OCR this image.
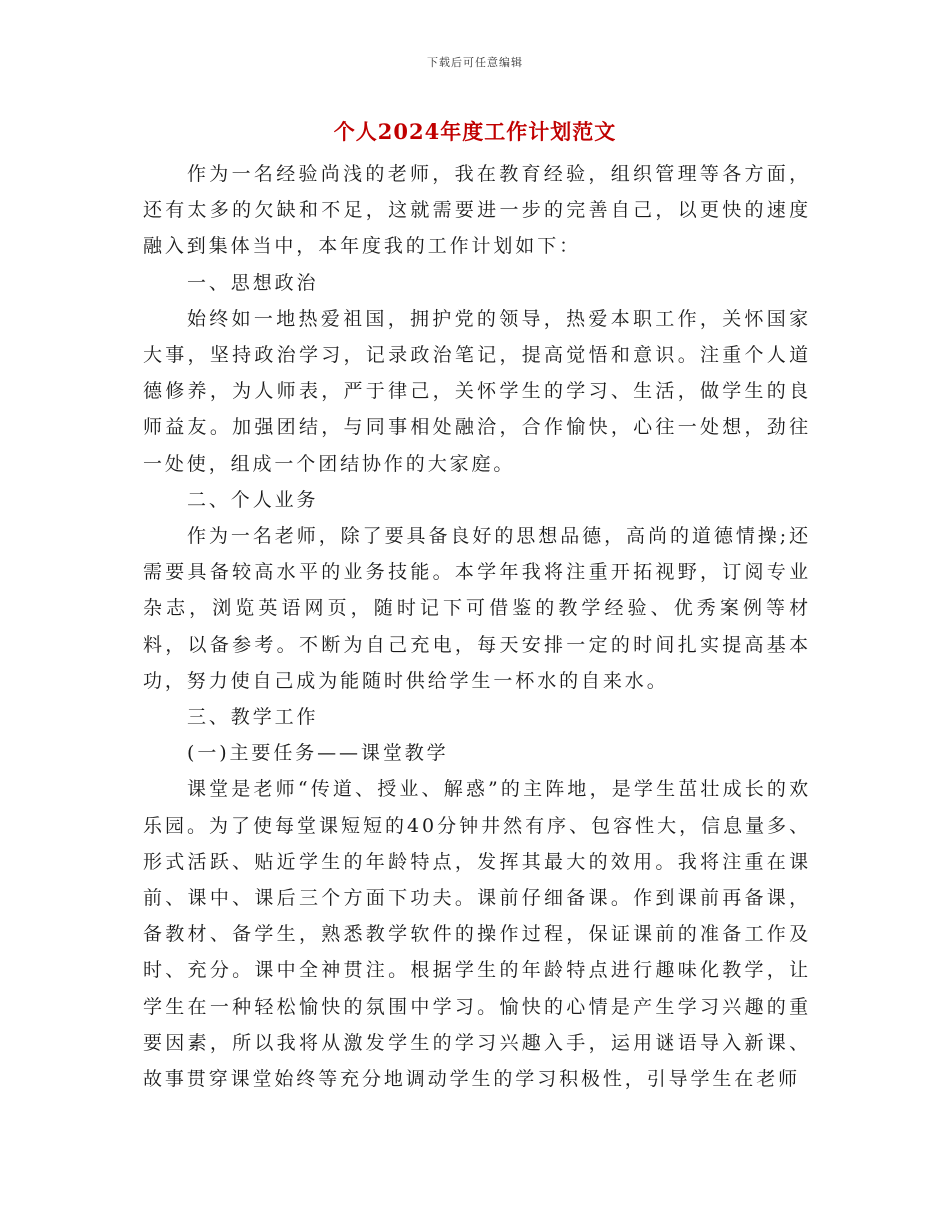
下载后可任意编辑
个人2024年度工作计划范文

作为一名经验尚浅的老师，我在教育经验，组织管理等各方面，还有太多的欠缺和不足，这就需要进一步的完善自己，以更快的速度融入到集体当中，本年度我的工作计划如下：

一、思想政治

始终如一地热爱祖国，拥护党的领导，热爱本职工作，关怀国家大事，坚持政治学习，记录政治笔记，提高觉悟和意识。注重个人道德修养，为人师表，严于律己，关怀学生的学习、生活，做学生的良师益友。加强团结，与同事相处融洽，合作愉快，心往一处想，劲往一处使，组成一个团结协作的大家庭。

二、个人业务

作为一名老师，除了要具备良好的思想品德，高尚的道德情操;还需要具备较高水平的业务技能。本学年我将注重开拓视野，订阅专业杂志，浏览英语网页，随时记下可借鉴的教学经验、优秀案例等材料，以备参考。不断为自己充电，每天安排一定的时间扎实提高基本功，努力使自己成为能随时供给学生一杯水的自来水。

三、教学工作

(一)主要任务——课堂教学

课堂是老师“传道、授业、解惑”的主阵地，是学生茁壮成长的欢乐园。为了使每堂课短短的40分钟井然有序、包容性大，信息量多、形式活跃、贴近学生的年龄特点，发挥其最大的效用。我将注重在课前、课中、课后三个方面下功夫。课前仔细备课。作到课前再备课，备教材、备学生，熟悉教学软件的操作过程，保证课前的准备工作及时、充分。课中全神贯注。根据学生的年龄特点进行趣味化教学，让学生在一种轻松愉快的氛围中学习。愉快的心情是产生学习兴趣的重要因素，所以我将从激发学生的学习兴趣入手，运用谜语导入新课、故事贯穿课堂始终等充分地调动学生的学习积极性，引导学生在老师
